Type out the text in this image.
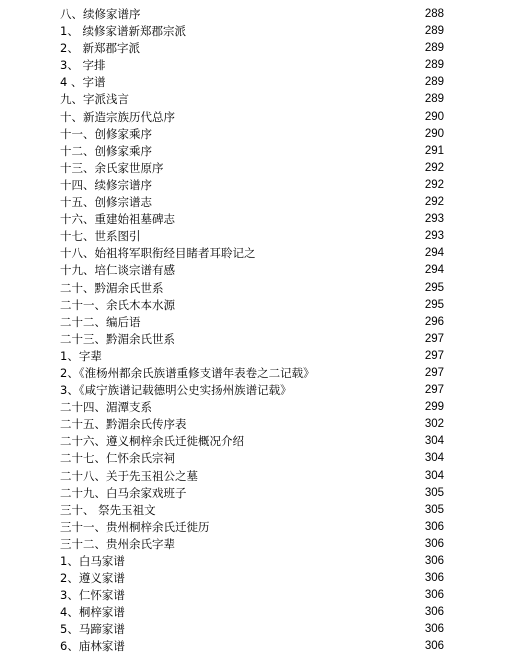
八、续修家谱序	288
1、 续修家谱新郑郡宗派	289
2、 新郑郡字派	289
3、 字排	289
4 、字谱	289
九、字派浅言	289
十、新造宗族历代总序	290
十一、创修家乘序	290
十二、创修家乘序	291
十三、余氏家世原序	292
十四、续修宗谱序	292
十五、创修宗谱志	292
十六、重建始祖墓碑志	293
十七、世系图引	293
十八、始祖将军职衔经目睹者耳聆记之	294
十九、培仁谈宗谱有感	294
二十、黔湄余氏世系	295
二十一、余氏木本水源	295
二十二、编后语	296
二十三、黔湄余氏世系	297
1、字辈	297
2、《淮杨州都余氏族谱重修支谱年表卷之二记载》	297
3、《咸宁族谱记载德明公史实扬州族谱记载》	297
二十四、湄潭支系	299
二十五、黔湄余氏传序表	302
二十六、遵义桐梓余氏迁徙概况介绍	304
二十七、仁怀余氏宗祠	304
二十八、关于先玉祖公之墓	304
二十九、白马余家戏班子	305
三十、 祭先玉祖文	305
三十一、贵州桐梓余氏迁徙历	306
三十二、贵州余氏字辈	306
1、白马家谱	306
2、遵义家谱	306
3、仁怀家谱	306
4、桐梓家谱	306
5、马蹄家谱	306
6、庙林家谱	306
